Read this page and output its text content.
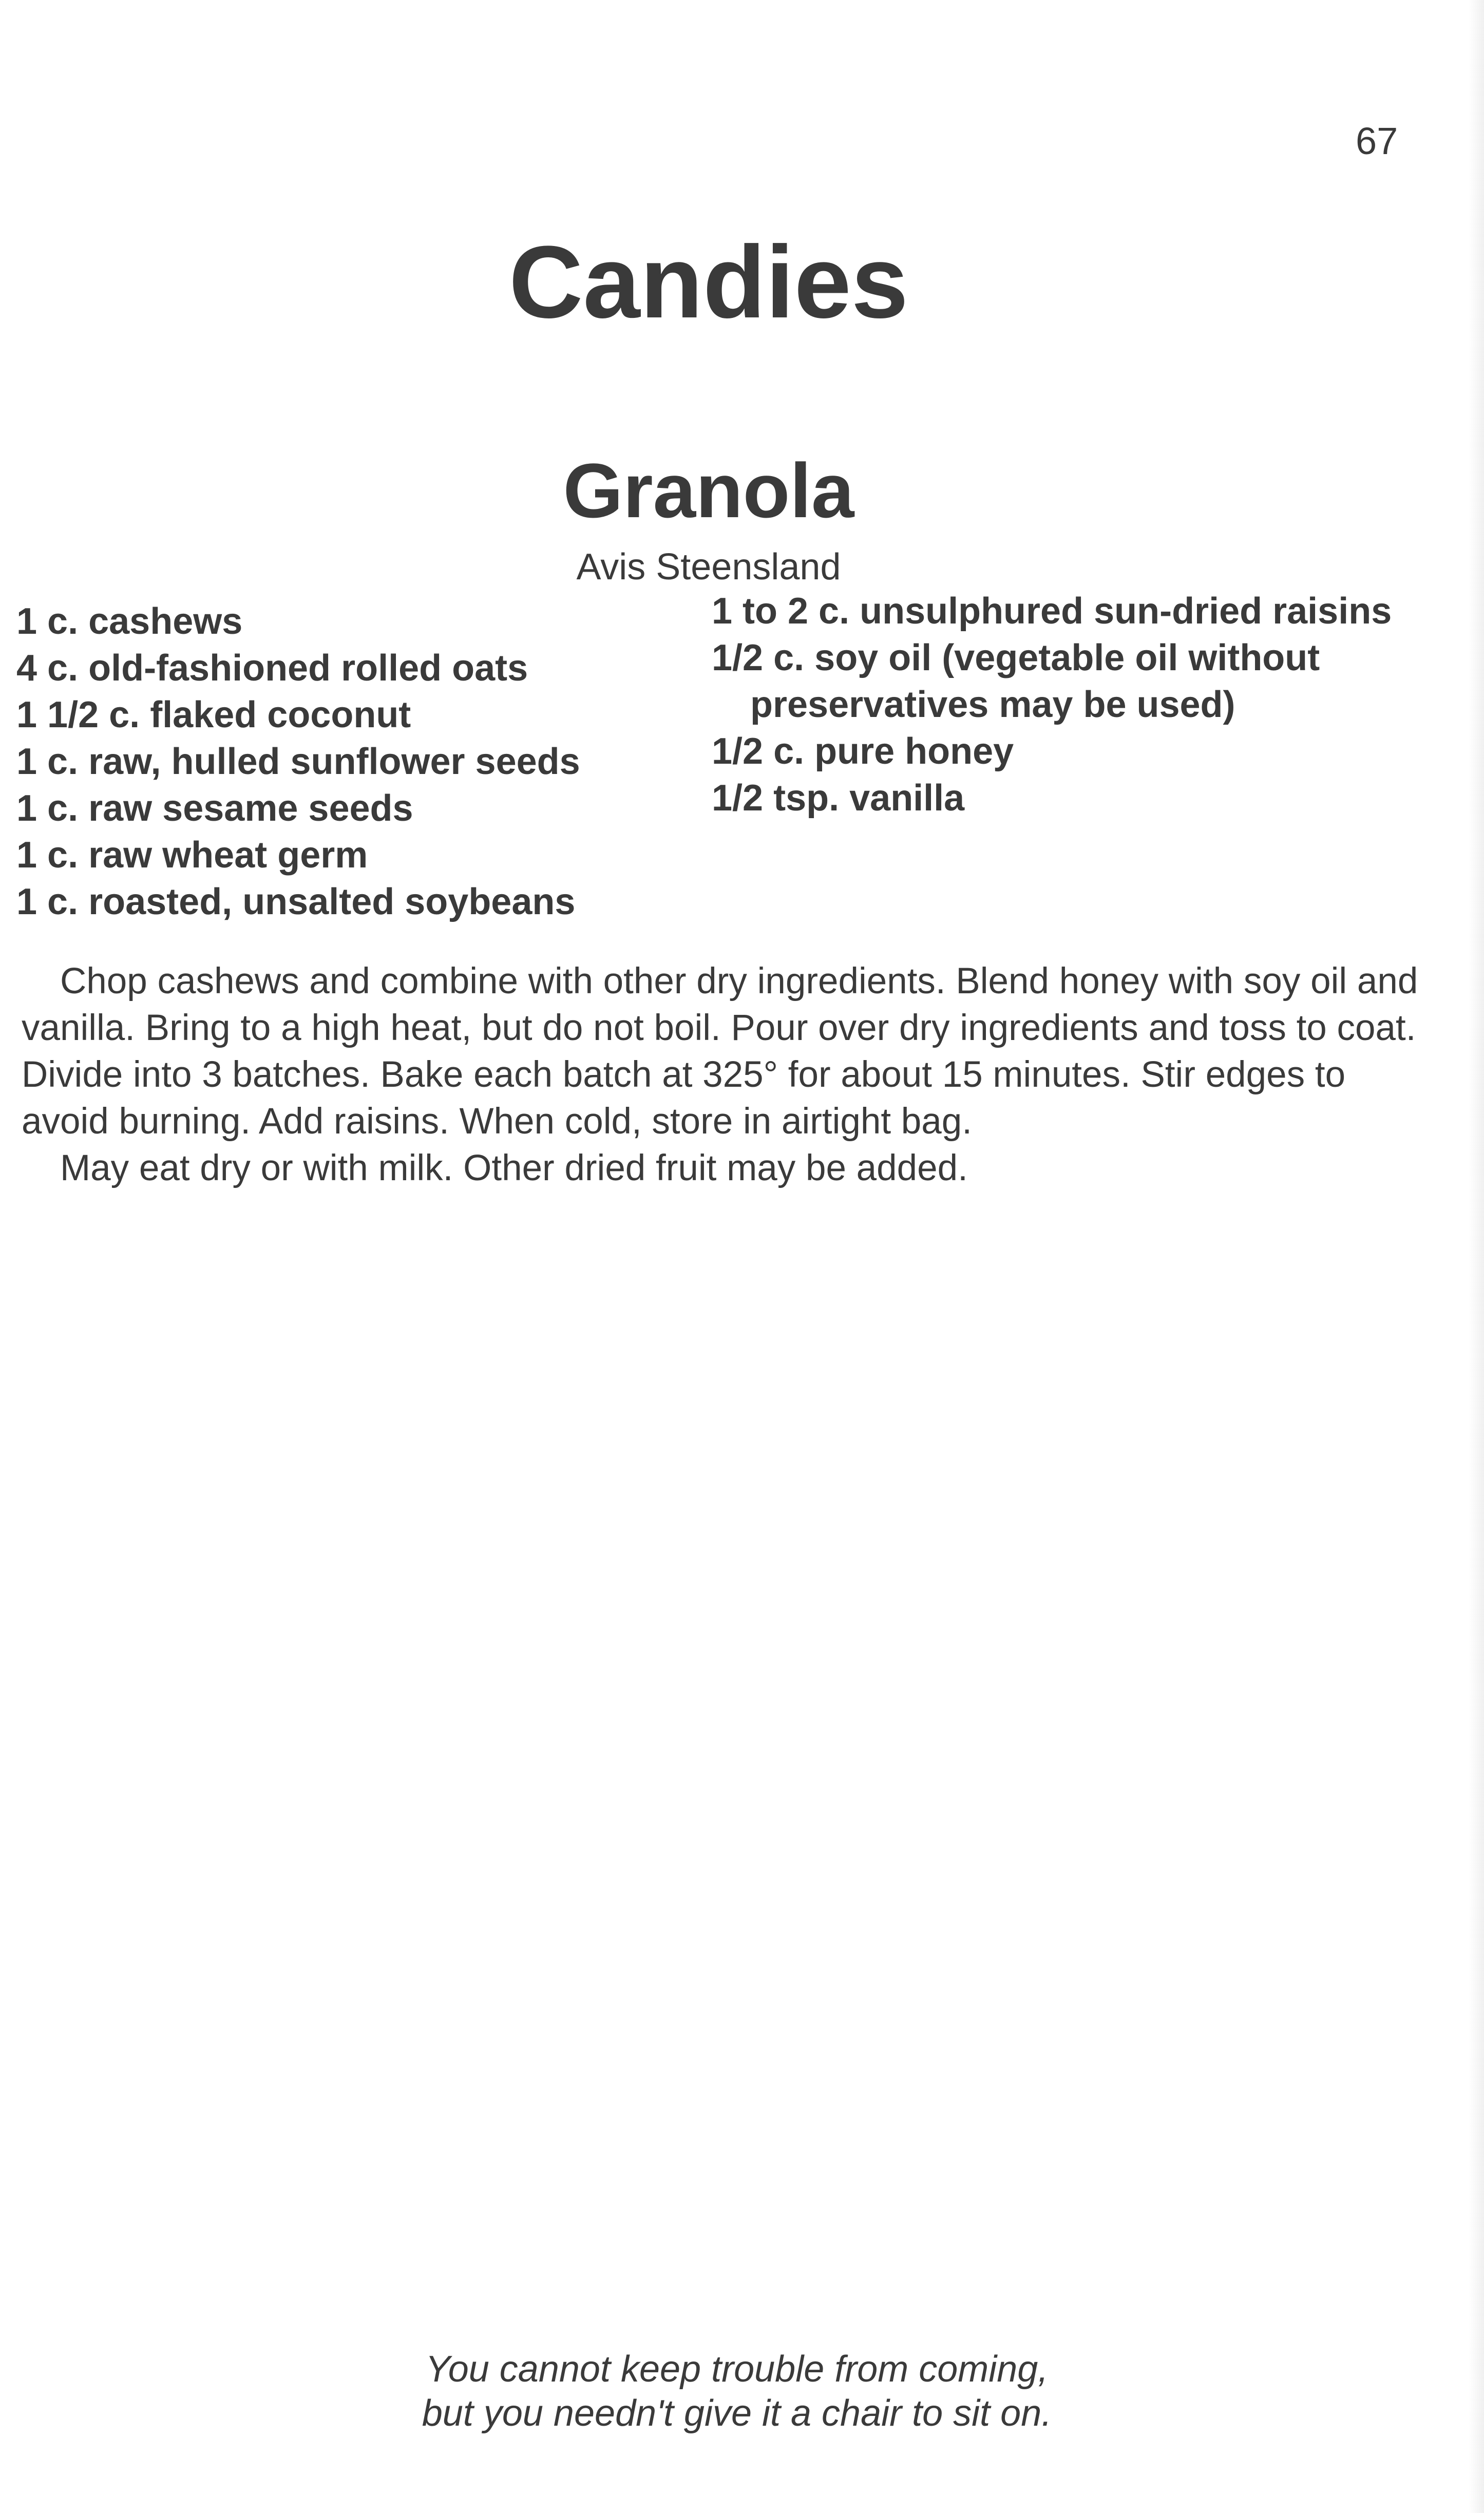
67
Candies
Granola
Avis Steensland
1 c. cashews
4 c. old-fashioned rolled oats
1 1/2 c. flaked coconut
1 c. raw, hulled sunflower seeds
1 c. raw sesame seeds
1 c. raw wheat germ
1 c. roasted, unsalted soybeans
1 to 2 c. unsulphured sun-dried raisins
1/2 c. soy oil (vegetable oil without preservatives may be used)
1/2 c. pure honey
1/2 tsp. vanilla

Chop cashews and combine with other dry ingredients. Blend honey with soy oil and vanilla. Bring to a high heat, but do not boil. Pour over dry ingredients and toss to coat. Divide into 3 batches. Bake each batch at 325° for about 15 minutes. Stir edges to avoid burning. Add raisins. When cold, store in airtight bag.

May eat dry or with milk. Other dried fruit may be added.

You cannot keep trouble from coming,
but you needn't give it a chair to sit on.
